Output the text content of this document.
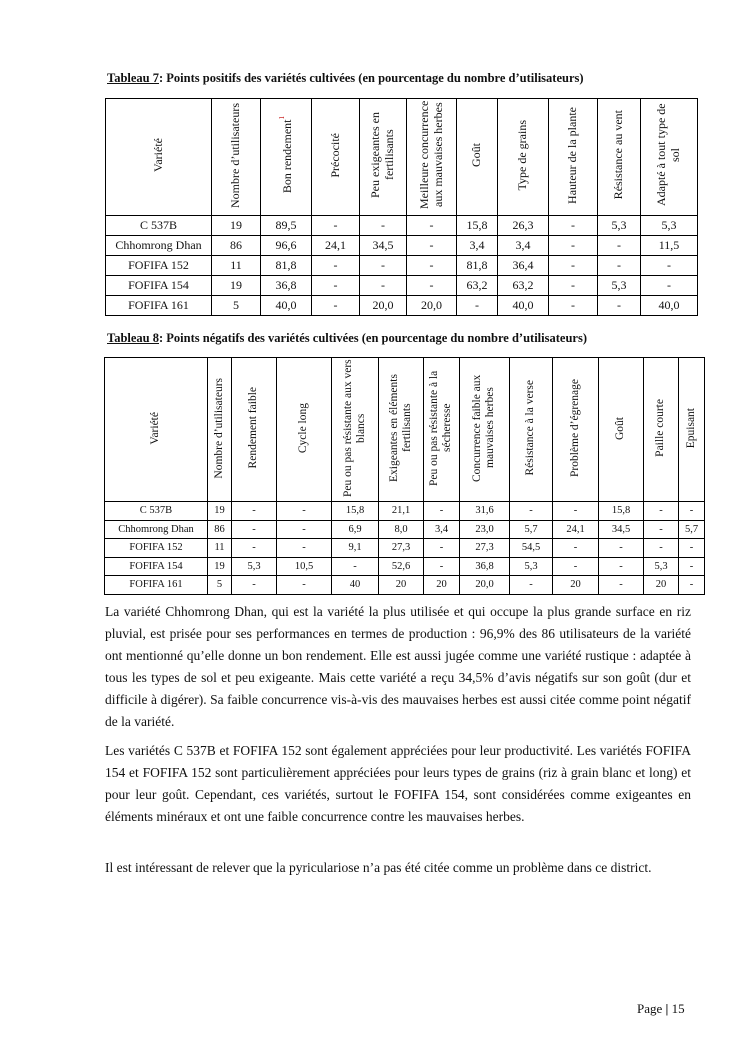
Tableau 7: Points positifs des variétés cultivées (en pourcentage du nombre d’utilisateurs)
Variété	Nombre d’utilisateurs	Bon rendement$^1$	Précocité	Peu exigeantes en fertilisants	Meilleure concurrence aux mauvaises herbes	Goût	Type de grains	Hauteur de la plante	Résistance au vent	Adapté à tout type de sol
C 537B	19	89,5	-	-	-	15,8	26,3	-	5,3	5,3
Chhomrong Dhan	86	96,6	24,1	34,5	-	3,4	3,4	-	-	11,5
FOFIFA 152	11	81,8	-	-	-	81,8	36,4	-	-	-
FOFIFA 154	19	36,8	-	-	-	63,2	63,2	-	5,3	-
FOFIFA 161	5	40,0	-	20,0	20,0	-	40,0	-	-	40,0
Tableau 8: Points négatifs des variétés cultivées (en pourcentage du nombre d’utilisateurs)
Variété	Nombre d’utilisateurs	Rendement faible	Cycle long	Peu ou pas résistante aux vers blancs	Exigeantes en éléments fertilisants	Peu ou pas résistante à la sécheresse	Concurrence faible aux mauvaises herbes	Résistance à la verse	Problème d’égrenage	Goût	Paille courte	Epuisant
C 537B	19	-	-	15,8	21,1	-	31,6	-	-	15,8	-	-
Chhomrong Dhan	86	-	-	6,9	8,0	3,4	23,0	5,7	24,1	34,5	-	5,7
FOFIFA 152	11	-	-	9,1	27,3	-	27,3	54,5	-	-	-	-
FOFIFA 154	19	5,3	10,5	-	52,6	-	36,8	5,3	-	-	5,3	-
FOFIFA 161	5	-	-	40	20	20	20,0	-	20	-	20	-

La variété Chhomrong Dhan, qui est la variété la plus utilisée et qui occupe la plus grande surface en riz pluvial, est prisée pour ses performances en termes de production : 96,9% des 86 utilisateurs de la variété ont mentionné qu’elle donne un bon rendement. Elle est aussi jugée comme une variété rustique : adaptée à tous les types de sol et peu exigeante. Mais cette variété a reçu 34,5% d’avis négatifs sur son goût (dur et difficile à digérer). Sa faible concurrence vis-à-vis des mauvaises herbes est aussi citée comme point négatif de la variété.

Les variétés C 537B et FOFIFA 152 sont également appréciées pour leur productivité. Les variétés FOFIFA 154 et FOFIFA 152 sont particulièrement appréciées pour leurs types de grains (riz à grain blanc et long) et pour leur goût. Cependant, ces variétés, surtout le FOFIFA 154, sont considérées comme exigeantes en éléments minéraux et ont une faible concurrence contre les mauvaises herbes.

Il est intéressant de relever que la pyriculariose n’a pas été citée comme un problème dans ce district.

Page | 15
